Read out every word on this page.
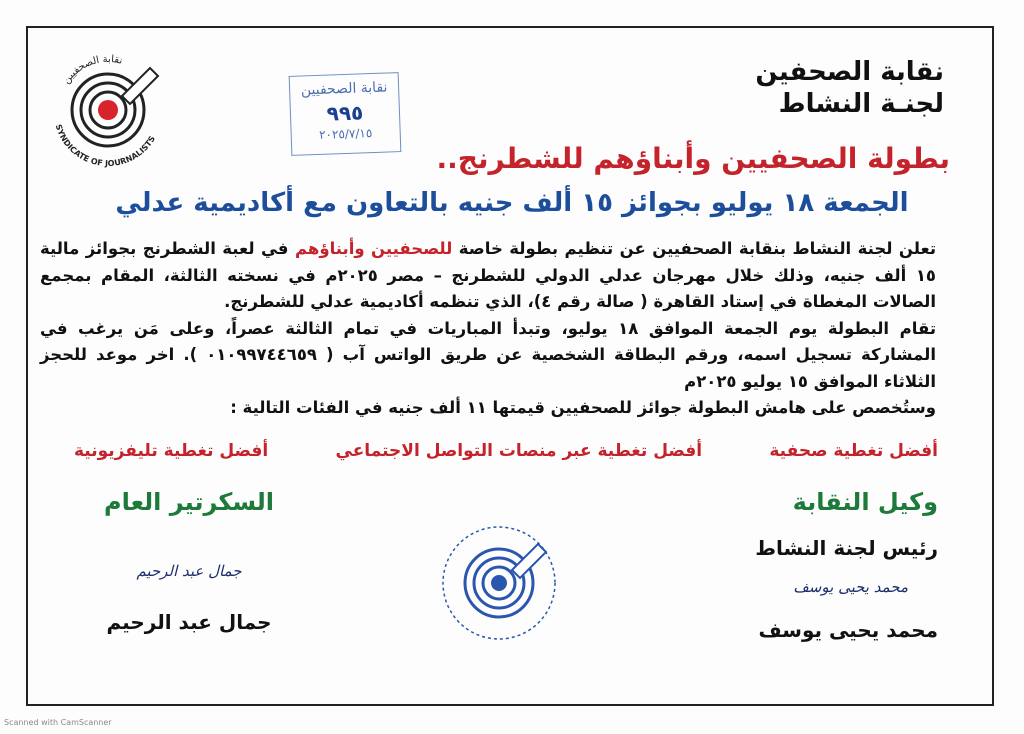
نقابة الصحفيين
SYNDICATE OF JOURNALISTS
نقابة الصحفيين
٩٩٥
٢٠٢٥/٧/١٥
نقابة الصحفين
لجنـة النشاط
بطولة الصحفيين وأبناؤهم للشطرنج..
الجمعة ١٨ يوليو بجوائز ١٥ ألف جنيه بالتعاون مع أكاديمية عدلي

تعلن لجنة النشاط بنقابة الصحفيين عن تنظيم بطولة خاصة للصحفيين وأبناؤهم في لعبة الشطرنج بجوائز مالية ١٥ ألف جنيه، وذلك خلال مهرجان عدلي الدولي للشطرنج – مصر ٢٠٢٥م في نسخته الثالثة، المقام بمجمع الصالات المغطاة في إستاد القاهرة ( صالة رقم ٤)، الذي تنظمه أكاديمية عدلي للشطرنج.

تقام البطولة يوم الجمعة الموافق ١٨ يوليو، وتبدأ المباريات في تمام الثالثة عصراً، وعلى مَن يرغب في المشاركة تسجيل اسمه، ورقم البطاقة الشخصية عن طريق الواتس آب ( ٠١٠٩٩٧٤٤٦٥٩ ). اخر موعد للحجز الثلاثاء الموافق ١٥ يوليو ٢٠٢٥م

وستُخصص على هامش البطولة جوائز للصحفيين قيمتها ١١ ألف جنيه في الفئات التالية :

أفضل تغطية صحفية
أفضل تغطية عبر منصات التواصل الاجتماعي
أفضل تغطية تليفزيونية
وكيل النقابة
رئيس لجنة النشاط
محمد يحيى يوسف
محمد يحيى يوسف
السكرتير العام
جمال عبد الرحيم
جمال عبد الرحيم
Scanned with CamScanner
